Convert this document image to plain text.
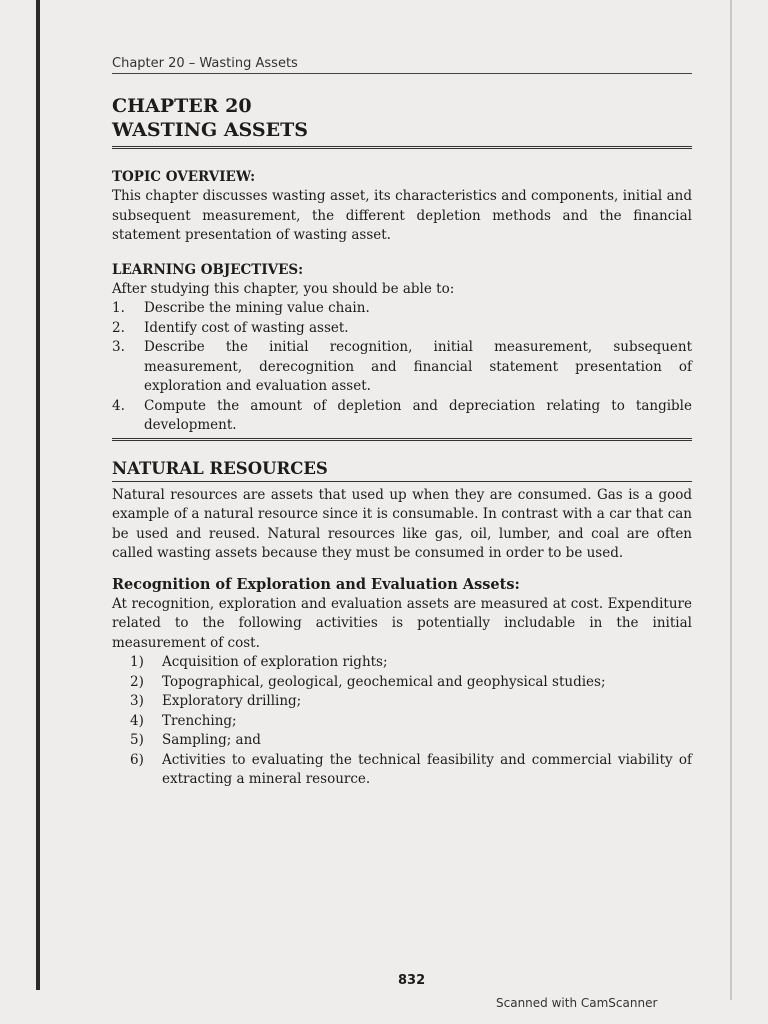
Chapter 20 – Wasting Assets
CHAPTER 20
WASTING ASSETS

TOPIC OVERVIEW:

This chapter discusses wasting asset, its characteristics and components, initial and subsequent measurement, the different depletion methods and the financial statement presentation of wasting asset.

LEARNING OBJECTIVES:

After studying this chapter, you should be able to:

1.	Describe the mining value chain.
2.	Identify cost of wasting asset.
3.	Describe the initial recognition, initial measurement, subsequent measurement, derecognition and financial statement presentation of exploration and evaluation asset.
4.	Compute the amount of depletion and depreciation relating to tangible development.
NATURAL RESOURCES

Natural resources are assets that used up when they are consumed. Gas is a good example of a natural resource since it is consumable. In contrast with a car that can be used and reused. Natural resources like gas, oil, lumber, and coal are often called wasting assets because they must be consumed in order to be used.

Recognition of Exploration and Evaluation Assets:

At recognition, exploration and evaluation assets are measured at cost. Expenditure related to the following activities is potentially includable in the initial measurement of cost.

1)	Acquisition of exploration rights;
2)	Topographical, geological, geochemical and geophysical studies;
3)	Exploratory drilling;
4)	Trenching;
5)	Sampling; and
6)	Activities to evaluating the technical feasibility and commercial viability of extracting a mineral resource.
832
Scanned with CamScanner
